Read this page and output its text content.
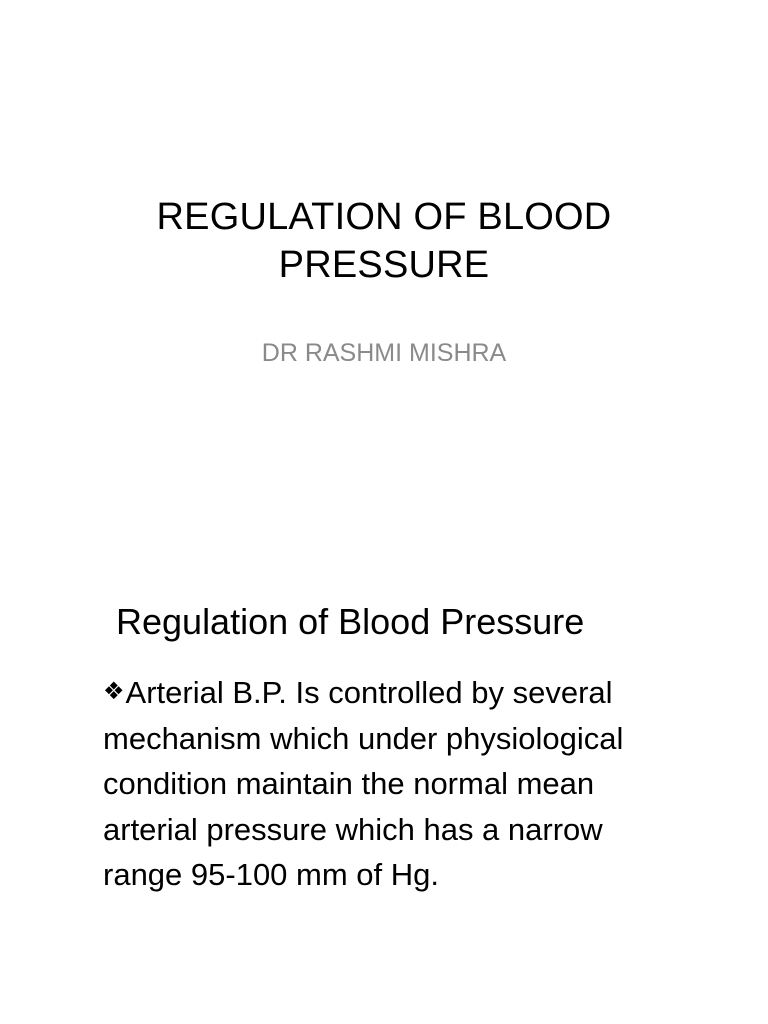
REGULATION OF BLOOD
PRESSURE
DR RASHMI MISHRA
Regulation of Blood Pressure
❖Arterial B.P. Is controlled by several
mechanism which under physiological
condition maintain the normal mean
arterial pressure which has a narrow
range 95-100 mm of Hg.
